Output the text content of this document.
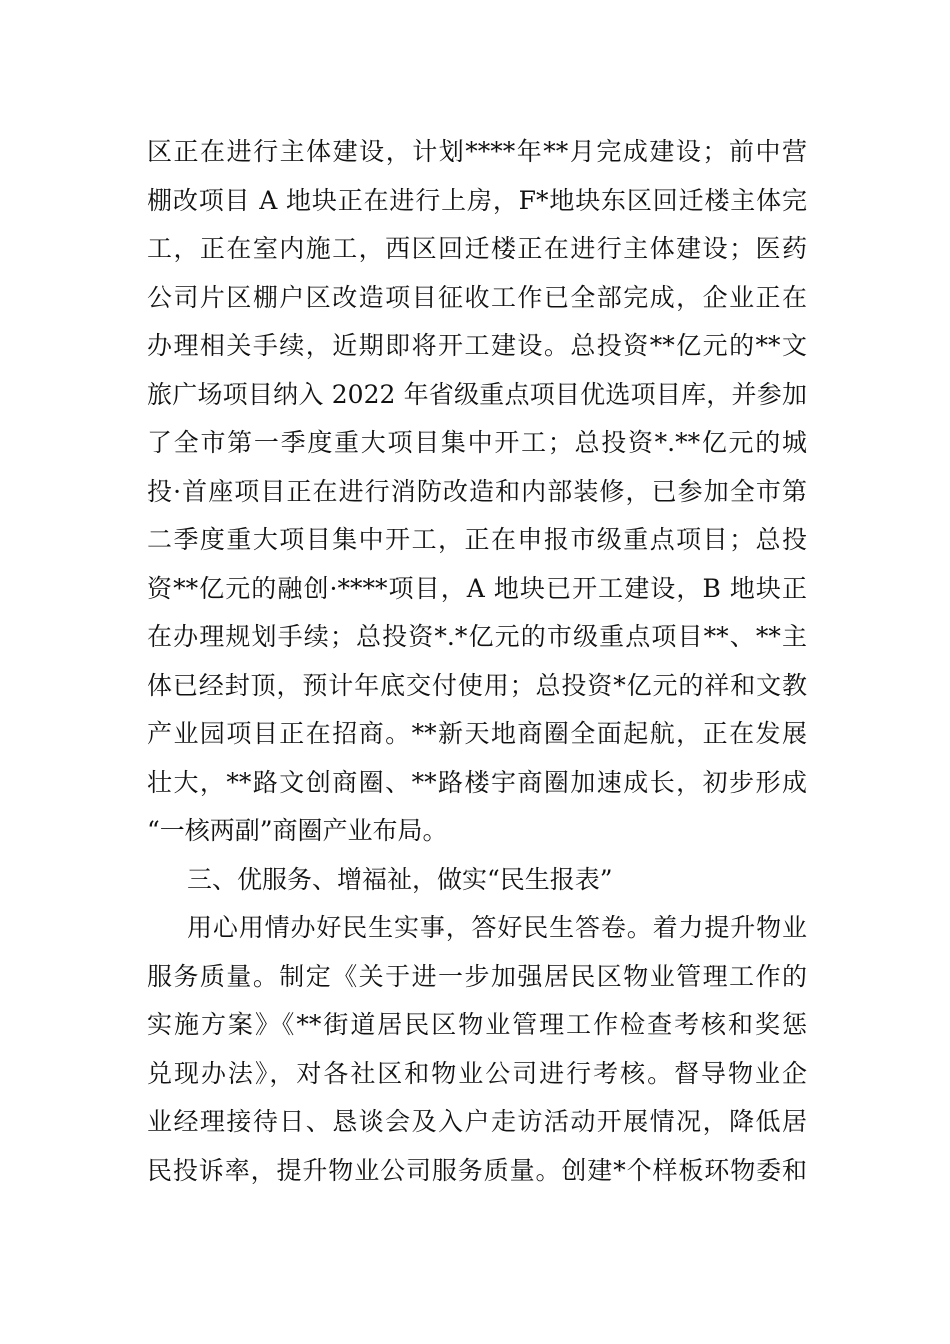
区正在进行主体建设，计划****年**月完成建设；前中营
棚改项目 A 地块正在进行上房，F*地块东区回迁楼主体完
工，正在室内施工，西区回迁楼正在进行主体建设；医药
公司片区棚户区改造项目征收工作已全部完成，企业正在
办理相关手续，近期即将开工建设。总投资**亿元的**文
旅广场项目纳入 2022 年省级重点项目优选项目库，并参加
了全市第一季度重大项目集中开工；总投资*.**亿元的城
投·首座项目正在进行消防改造和内部装修，已参加全市第
二季度重大项目集中开工，正在申报市级重点项目；总投
资**亿元的融创·****项目，A 地块已开工建设，B 地块正
在办理规划手续；总投资*.*亿元的市级重点项目**、**主
体已经封顶，预计年底交付使用；总投资*亿元的祥和文教
产业园项目正在招商。**新天地商圈全面起航，正在发展
壮大，**路文创商圈、**路楼宇商圈加速成长，初步形成
“一核两副”商圈产业布局。
三、优服务、增福祉，做实“民生报表”
用心用情办好民生实事，答好民生答卷。着力提升物业
服务质量。制定《关于进一步加强居民区物业管理工作的
实施方案》《**街道居民区物业管理工作检查考核和奖惩
兑现办法》，对各社区和物业公司进行考核。督导物业企
业经理接待日、恳谈会及入户走访活动开展情况，降低居
民投诉率，提升物业公司服务质量。创建*个样板环物委和
